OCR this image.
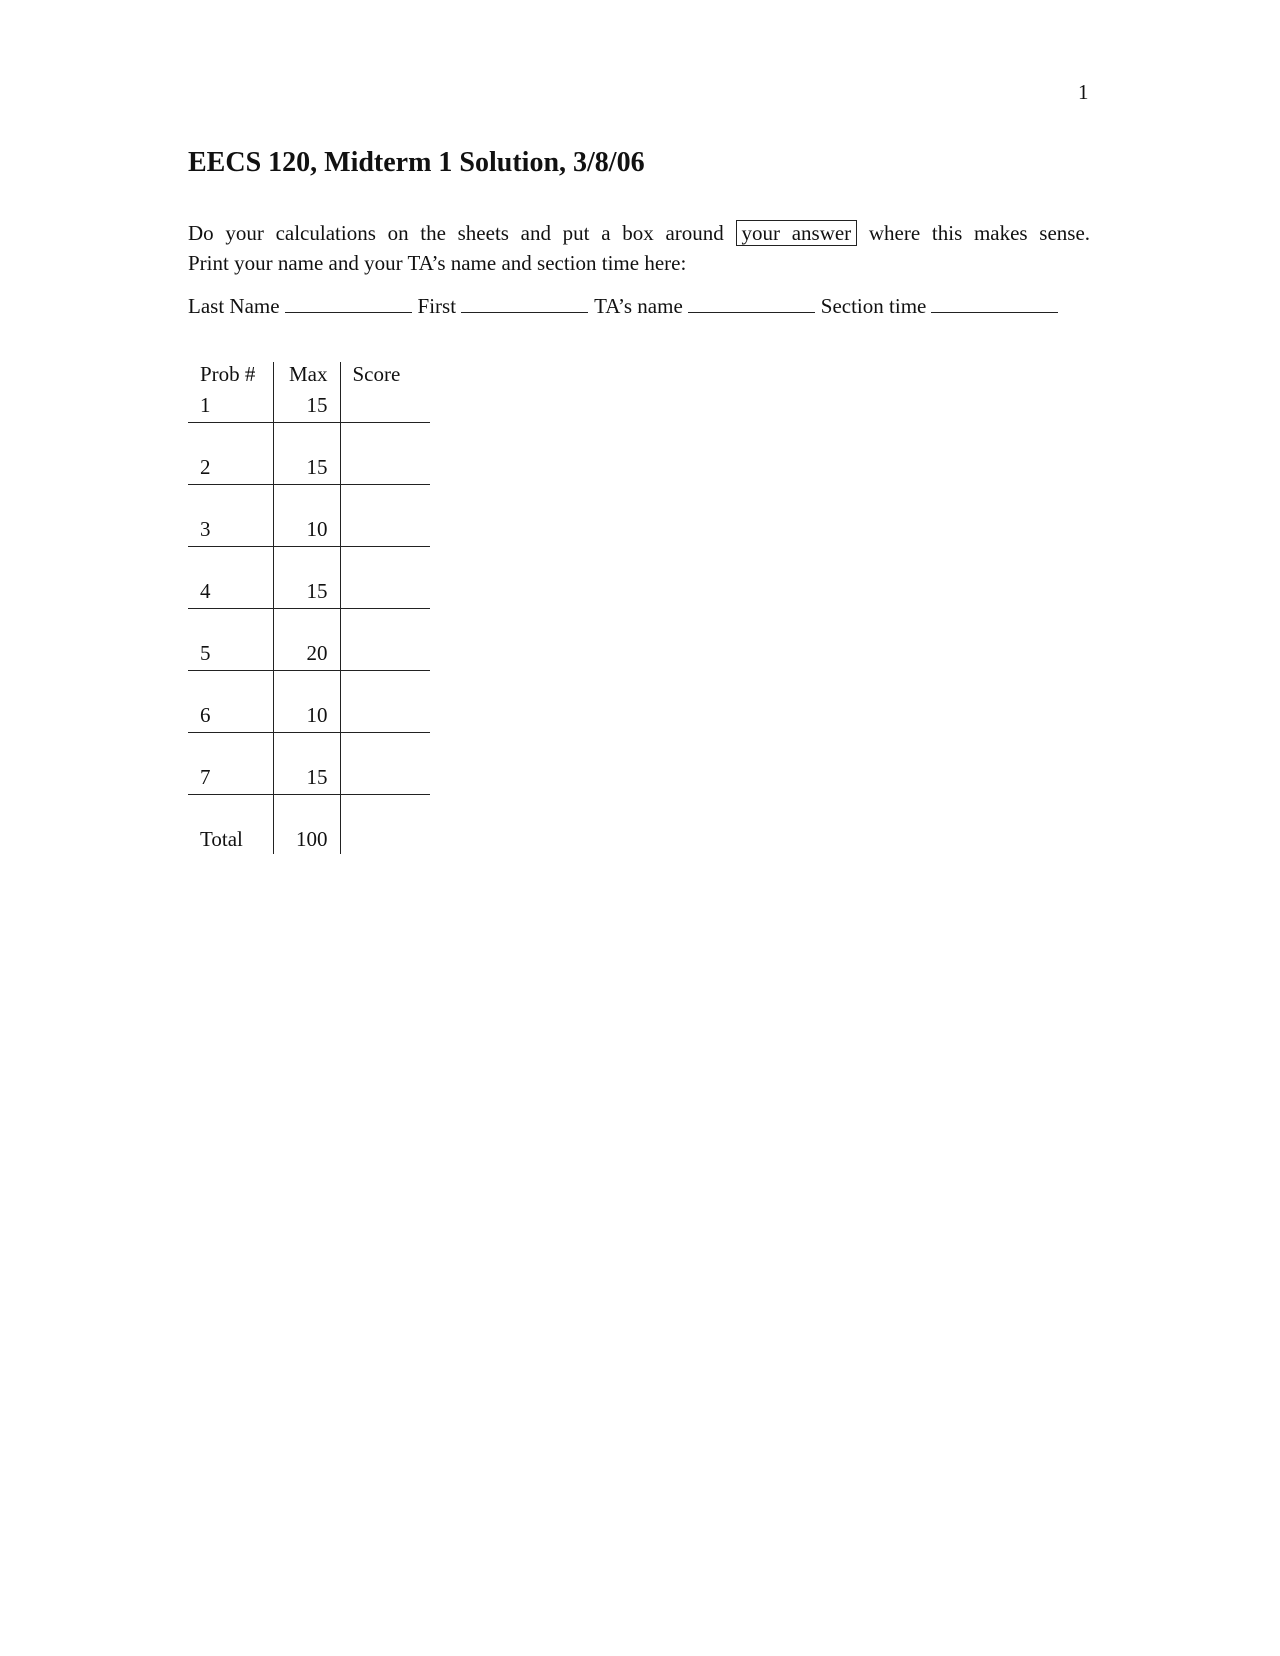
1
EECS 120, Midterm 1 Solution, 3/8/06
Do your calculations on the sheets and put a box around your answer where this makes sense.
Print your name and your TA’s name and section time here:
Last Name	First	TA’s name	Section time
Prob #	Max	Score
1	15	
2	15	
3	10	
4	15	
5	20	
6	10	
7	15	
Total	100	
